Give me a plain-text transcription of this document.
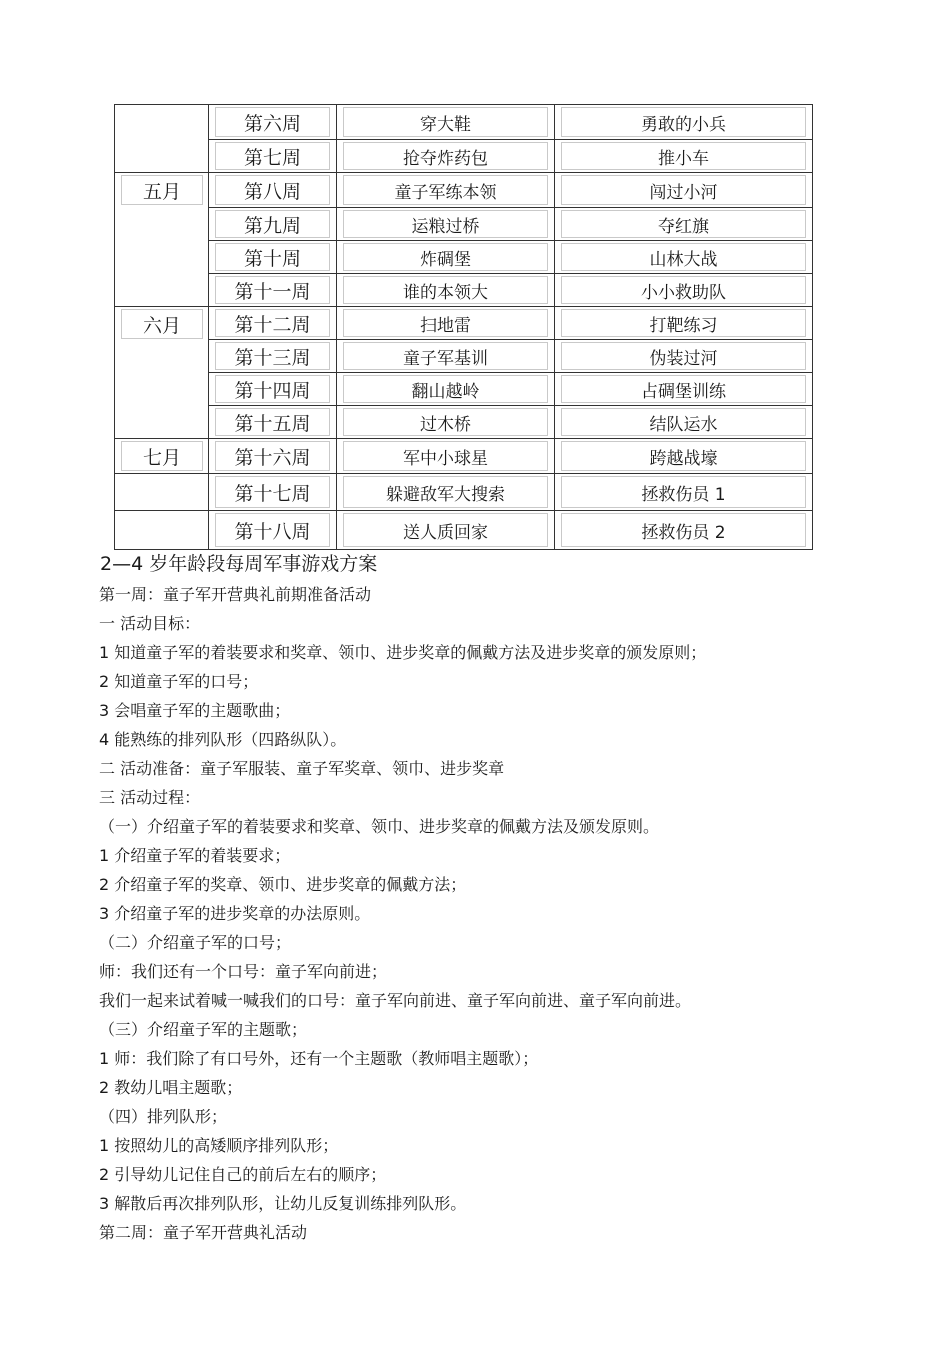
第六周	穿大鞋	勇敢的小兵
第七周	抢夺炸药包	推小车
五月	第八周	童子军练本领	闯过小河
第九周	运粮过桥	夺红旗
第十周	炸碉堡	山林大战
第十一周	谁的本领大	小小救助队
六月	第十二周	扫地雷	打靶练习
第十三周	童子军基训	伪装过河
第十四周	翻山越岭	占碉堡训练
第十五周	过木桥	结队运水
七月	第十六周	军中小球星	跨越战壕
第十七周	躲避敌军大搜索	拯救伤员 1
第十八周	送人质回家	拯救伤员 2
2—4 岁年龄段每周军事游戏方案
第一周：童子军开营典礼前期准备活动
一 活动目标：
1 知道童子军的着装要求和奖章、领巾、进步奖章的佩戴方法及进步奖章的颁发原则；
2 知道童子军的口号；
3 会唱童子军的主题歌曲；
4 能熟练的排列队形（四路纵队）。
二 活动准备：童子军服装、童子军奖章、领巾、进步奖章
三 活动过程：
（一）介绍童子军的着装要求和奖章、领巾、进步奖章的佩戴方法及颁发原则。
1 介绍童子军的着装要求；
2 介绍童子军的奖章、领巾、进步奖章的佩戴方法；
3 介绍童子军的进步奖章的办法原则。
（二）介绍童子军的口号；
师：我们还有一个口号：童子军向前进；
我们一起来试着喊一喊我们的口号：童子军向前进、童子军向前进、童子军向前进。
（三）介绍童子军的主题歌；
1 师：我们除了有口号外，还有一个主题歌（教师唱主题歌）；
2 教幼儿唱主题歌；
（四）排列队形；
1 按照幼儿的高矮顺序排列队形；
2 引导幼儿记住自己的前后左右的顺序；
3 解散后再次排列队形，让幼儿反复训练排列队形。
第二周：童子军开营典礼活动
